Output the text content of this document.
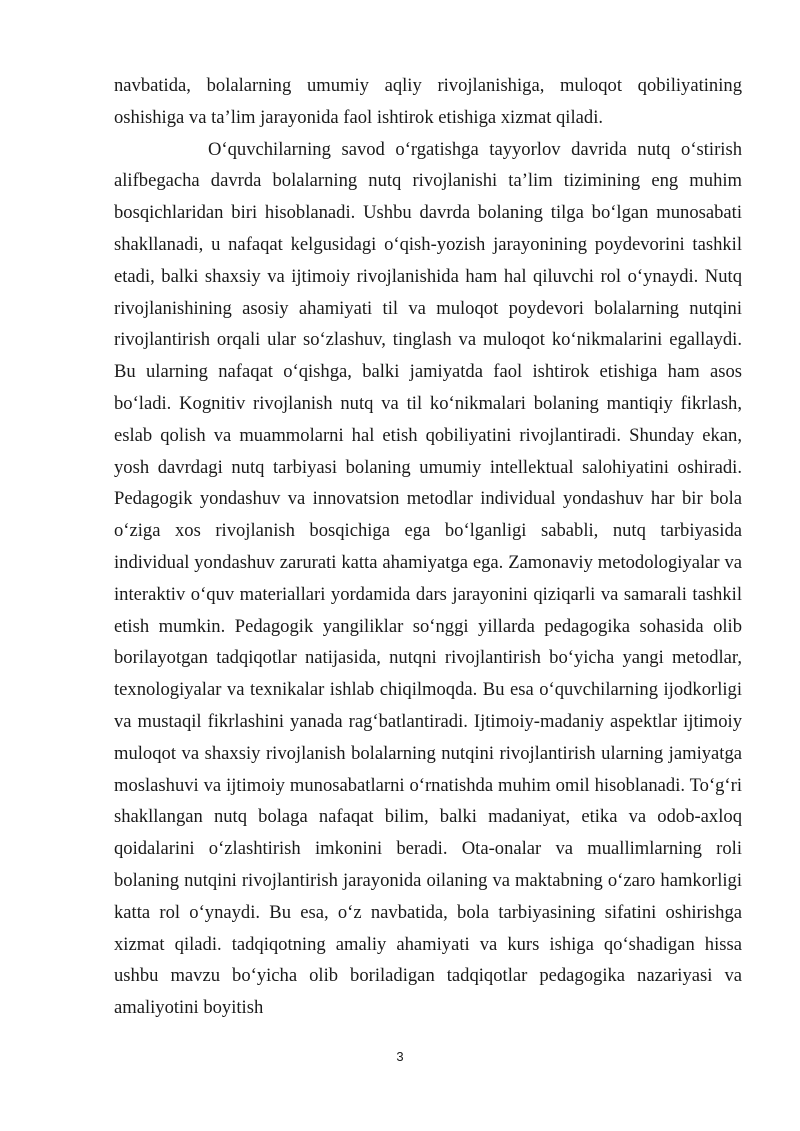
navbatida, bolalarning umumiy aqliy rivojlanishiga, muloqot qobiliyatining oshishiga va ta’lim jarayonida faol ishtirok etishiga xizmat qiladi.

O‘quvchilarning savod o‘rgatishga tayyorlov davrida nutq o‘stirish alifbegacha davrda bolalarning nutq rivojlanishi ta’lim tizimining eng muhim bosqichlaridan biri hisoblanadi. Ushbu davrda bolaning tilga bo‘lgan munosabati shakllanadi, u nafaqat kelgusidagi o‘qish-yozish jarayonining poydevorini tashkil etadi, balki shaxsiy va ijtimoiy rivojlanishida ham hal qiluvchi rol o‘ynaydi. Nutq rivojlanishining asosiy ahamiyati til va muloqot poydevori bolalarning nutqini rivojlantirish orqali ular so‘zlashuv, tinglash va muloqot ko‘nikmalarini egallaydi. Bu ularning nafaqat o‘qishga, balki jamiyatda faol ishtirok etishiga ham asos bo‘ladi. Kognitiv rivojlanish nutq va til ko‘nikmalari bolaning mantiqiy fikrlash, eslab qolish va muammolarni hal etish qobiliyatini rivojlantiradi. Shunday ekan, yosh davrdagi nutq tarbiyasi bolaning umumiy intellektual salohiyatini oshiradi. Pedagogik yondashuv va innovatsion metodlar individual yondashuv har bir bola o‘ziga xos rivojlanish bosqichiga ega bo‘lganligi sababli, nutq tarbiyasida individual yondashuv zarurati katta ahamiyatga ega. Zamonaviy metodologiyalar va interaktiv o‘quv materiallari yordamida dars jarayonini qiziqarli va samarali tashkil etish mumkin. Pedagogik yangiliklar so‘nggi yillarda pedagogika sohasida olib borilayotgan tadqiqotlar natijasida, nutqni rivojlantirish bo‘yicha yangi metodlar, texnologiyalar va texnikalar ishlab chiqilmoqda. Bu esa o‘quvchilarning ijodkorligi va mustaqil fikrlashini yanada rag‘batlantiradi. Ijtimoiy-madaniy aspektlar ijtimoiy muloqot va shaxsiy rivojlanish bolalarning nutqini rivojlantirish ularning jamiyatga moslashuvi va ijtimoiy munosabatlarni o‘rnatishda muhim omil hisoblanadi. To‘g‘ri shakllangan nutq bolaga nafaqat bilim, balki madaniyat, etika va odob-axloq qoidalarini o‘zlashtirish imkonini beradi. Ota-onalar va muallimlarning roli bolaning nutqini rivojlantirish jarayonida oilaning va maktabning o‘zaro hamkorligi katta rol o‘ynaydi. Bu esa, o‘z navbatida, bola tarbiyasining sifatini oshirishga xizmat qiladi. tadqiqotning amaliy ahamiyati va kurs ishiga qo‘shadigan hissa ushbu mavzu bo‘yicha olib boriladigan tadqiqotlar pedagogika nazariyasi va amaliyotini boyitish

3
